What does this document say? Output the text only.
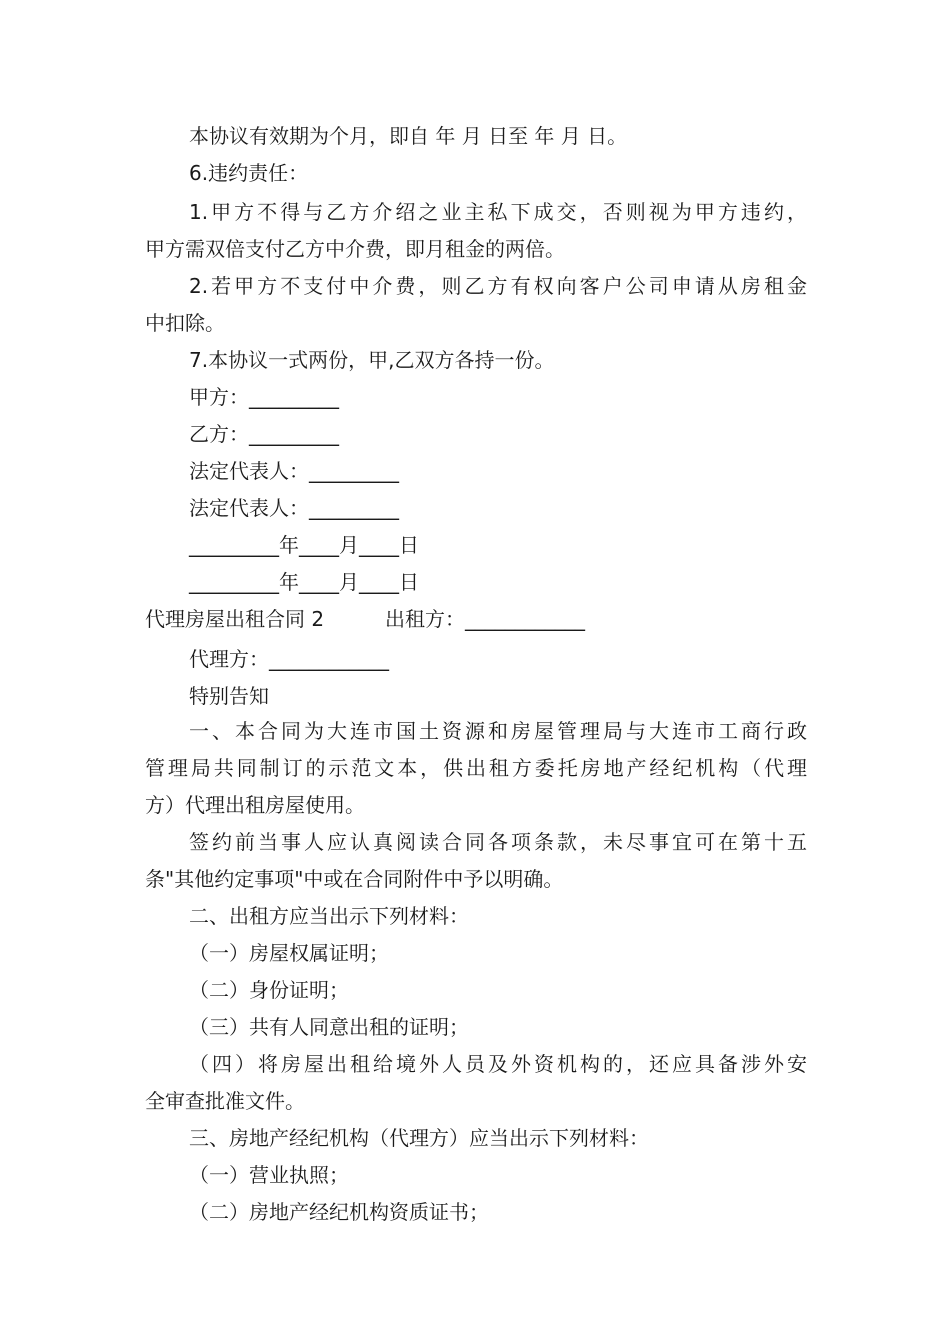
本协议有效期为个月，即自 年 月 日至 年 月 日。
6.违约责任：
1.甲方不得与乙方介绍之业主私下成交，否则视为甲方违约，
甲方需双倍支付乙方中介费，即月租金的两倍。
2.若甲方不支付中介费，则乙方有权向客户公司申请从房租金
中扣除。
7.本协议一式两份，甲,乙双方各持一份。
甲方：_________
乙方：_________
法定代表人：_________
法定代表人：_________
_________年____月____日
_________年____月____日
代理房屋出租合同 2	出租方：____________
代理方：____________
特别告知
一、本合同为大连市国土资源和房屋管理局与大连市工商行政
管理局共同制订的示范文本，供出租方委托房地产经纪机构（代理
方）代理出租房屋使用。
签约前当事人应认真阅读合同各项条款，未尽事宜可在第十五
条"其他约定事项"中或在合同附件中予以明确。
二、出租方应当出示下列材料：
（一）房屋权属证明；
（二）身份证明；
（三）共有人同意出租的证明；
（四）将房屋出租给境外人员及外资机构的，还应具备涉外安
全审查批准文件。
三、房地产经纪机构（代理方）应当出示下列材料：
（一）营业执照；
（二）房地产经纪机构资质证书；
